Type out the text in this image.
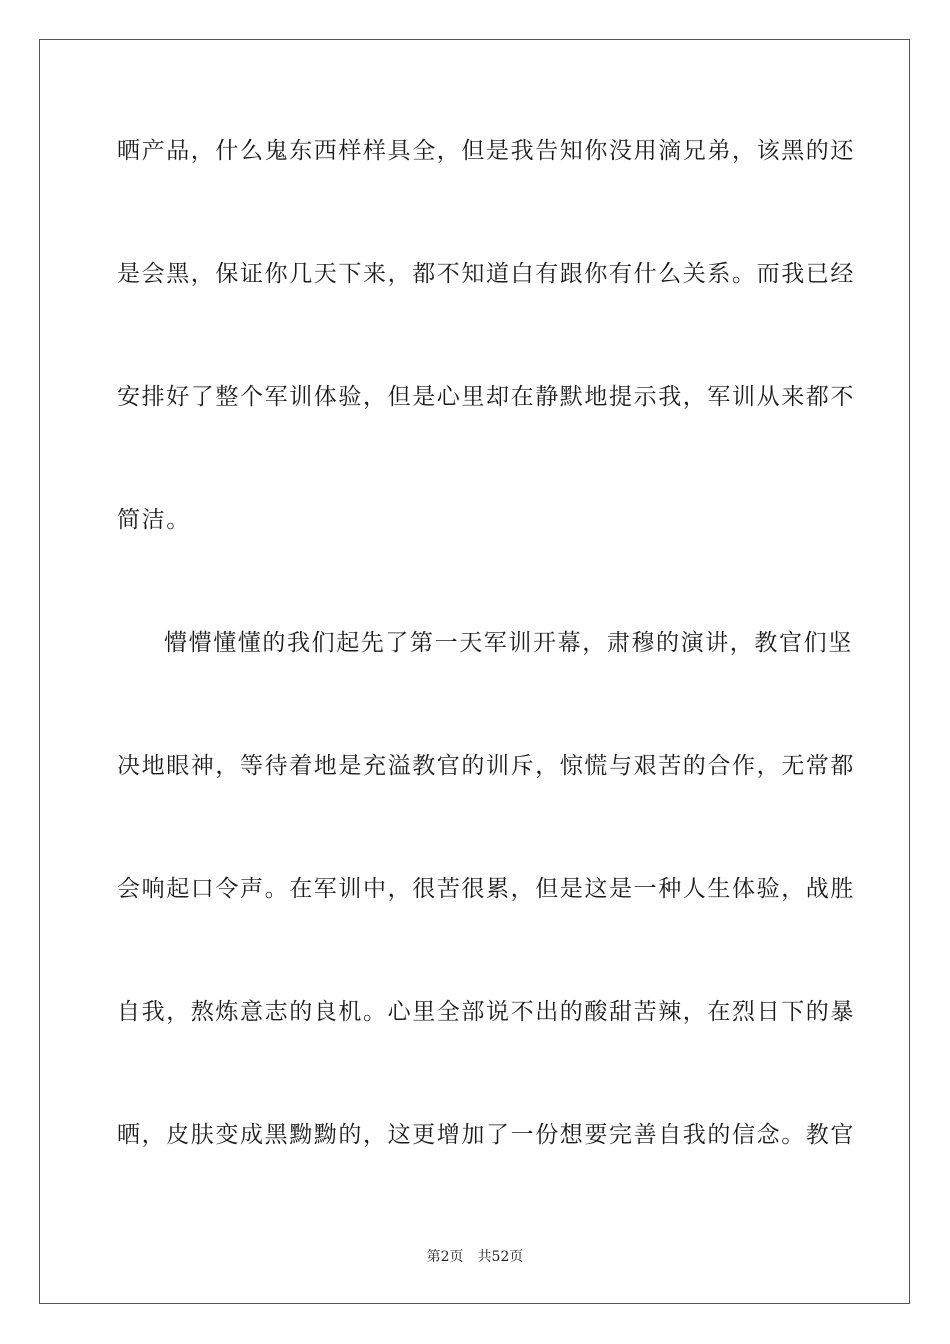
晒产品，什么鬼东西样样具全，但是我告知你没用滴兄弟，该黑的还
是会黑，保证你几天下来，都不知道白有跟你有什么关系。而我已经
安排好了整个军训体验，但是心里却在静默地提示我，军训从来都不
简洁。
懵懵懂懂的我们起先了第一天军训开幕，肃穆的演讲，教官们坚
决地眼神，等待着地是充溢教官的训斥，惊慌与艰苦的合作，无常都
会响起口令声。在军训中，很苦很累，但是这是一种人生体验，战胜
自我，熬炼意志的良机。心里全部说不出的酸甜苦辣，在烈日下的暴
晒，皮肤变成黑黝黝的，这更增加了一份想要完善自我的信念。教官
第2页 共52页
